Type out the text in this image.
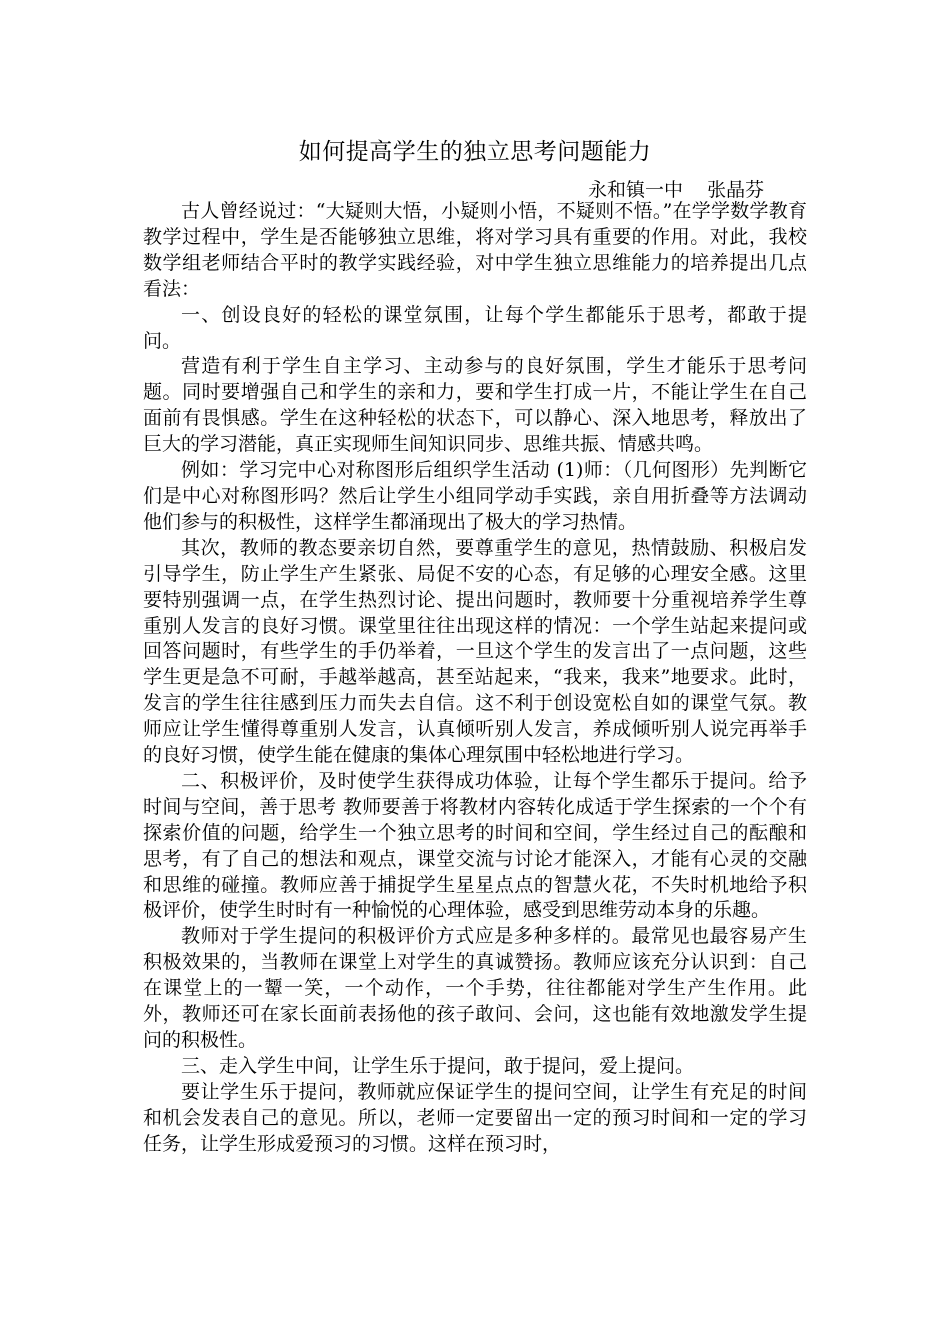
如何提高学生的独立思考问题能力
永和镇一中    张晶芬

古人曾经说过：“大疑则大悟，小疑则小悟，不疑则不悟。”在学学数学教育教学过程中，学生是否能够独立思维，将对学习具有重要的作用。对此，我校数学组老师结合平时的教学实践经验，对中学生独立思维能力的培养提出几点看法：

一、创设良好的轻松的课堂氛围，让每个学生都能乐于思考，都敢于提问。

营造有利于学生自主学习、主动参与的良好氛围，学生才能乐于思考问题。同时要增强自己和学生的亲和力，要和学生打成一片，不能让学生在自己面前有畏惧感。学生在这种轻松的状态下，可以静心、深入地思考，释放出了巨大的学习潜能，真正实现师生间知识同步、思维共振、情感共鸣。

例如：学习完中心对称图形后组织学生活动 (1)师：（几何图形）先判断它们是中心对称图形吗？然后让学生小组同学动手实践，亲自用折叠等方法调动他们参与的积极性，这样学生都涌现出了极大的学习热情。

其次，教师的教态要亲切自然，要尊重学生的意见，热情鼓励、积极启发引导学生，防止学生产生紧张、局促不安的心态，有足够的心理安全感。这里要特别强调一点，在学生热烈讨论、提出问题时，教师要十分重视培养学生尊重别人发言的良好习惯。课堂里往往出现这样的情况：一个学生站起来提问或回答问题时，有些学生的手仍举着，一旦这个学生的发言出了一点问题，这些学生更是急不可耐，手越举越高，甚至站起来，“我来，我来”地要求。此时，发言的学生往往感到压力而失去自信。这不利于创设宽松自如的课堂气氛。教师应让学生懂得尊重别人发言，认真倾听别人发言，养成倾听别人说完再举手的良好习惯，使学生能在健康的集体心理氛围中轻松地进行学习。

二、积极评价，及时使学生获得成功体验，让每个学生都乐于提问。给予时间与空间，善于思考 教师要善于将教材内容转化成适于学生探索的一个个有探索价值的问题，给学生一个独立思考的时间和空间，学生经过自己的酝酿和思考，有了自己的想法和观点，课堂交流与讨论才能深入，才能有心灵的交融和思维的碰撞。教师应善于捕捉学生星星点点的智慧火花，不失时机地给予积极评价，使学生时时有一种愉悦的心理体验，感受到思维劳动本身的乐趣。

教师对于学生提问的积极评价方式应是多种多样的。最常见也最容易产生积极效果的，当教师在课堂上对学生的真诚赞扬。教师应该充分认识到：自己在课堂上的一颦一笑，一个动作，一个手势，往往都能对学生产生作用。此外，教师还可在家长面前表扬他的孩子敢问、会问，这也能有效地激发学生提问的积极性。

三、走入学生中间，让学生乐于提问，敢于提问，爱上提问。

要让学生乐于提问，教师就应保证学生的提问空间，让学生有充足的时间和机会发表自己的意见。所以，老师一定要留出一定的预习时间和一定的学习任务，让学生形成爱预习的习惯。这样在预习时，
